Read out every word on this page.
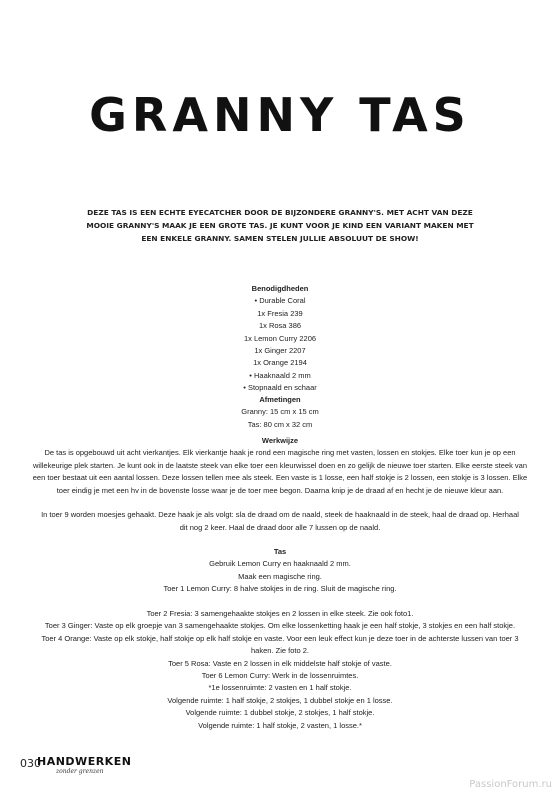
GRANNY TAS
DEZE TAS IS EEN ECHTE EYECATCHER DOOR DE BIJZONDERE GRANNY'S. MET ACHT VAN DEZE MOOIE GRANNY'S MAAK JE EEN GROTE TAS. JE KUNT VOOR JE KIND EEN VARIANT MAKEN MET EEN ENKELE GRANNY. SAMEN STELEN JULLIE ABSOLUUT DE SHOW!
Benodigdheden
• Durable Coral
1x Fresia 239
1x Rosa 386
1x Lemon Curry 2206
1x Ginger 2207
1x Orange 2194
• Haaknaald 2 mm
• Stopnaald en schaar
Afmetingen
Granny: 15 cm x 15 cm
Tas: 80 cm x 32 cm
Werkwijze
De tas is opgebouwd uit acht vierkantjes. Elk vierkantje haak je rond een magische ring met vasten, lossen en stokjes. Elke toer kun je op een willekeurige plek starten. Je kunt ook in de laatste steek van elke toer een kleurwissel doen en zo gelijk de nieuwe toer starten. Elke eerste steek van een toer bestaat uit een aantal lossen. Deze lossen tellen mee als steek. Een vaste is 1 losse, een half stokje is 2 lossen, een stokje is 3 lossen. Elke toer eindig je met een hv in de bovenste losse waar je de toer mee begon. Daarna knip je de draad af en hecht je de nieuwe kleur aan.
In toer 9 worden moesjes gehaakt. Deze haak je als volgt: sla de draad om de naald, steek de haaknaald in de steek, haal de draad op. Herhaal dit nog 2 keer. Haal de draad door alle 7 lussen op de naald.
Tas
Gebruik Lemon Curry en haaknaald 2 mm.
Maak een magische ring.
Toer 1 Lemon Curry: 8 halve stokjes in de ring. Sluit de magische ring.
Toer 2 Fresia: 3 samengehaakte stokjes en 2 lossen in elke steek. Zie ook foto1.
Toer 3 Ginger: Vaste op elk groepje van 3 samengehaakte stokjes. Om elke lossenketting haak je een half stokje, 3 stokjes en een half stokje.
Toer 4 Orange: Vaste op elk stokje, half stokje op elk half stokje en vaste. Voor een leuk effect kun je deze toer in de achterste lussen van toer 3 haken. Zie foto 2.
Toer 5 Rosa: Vaste en 2 lossen in elk middelste half stokje of vaste.
Toer 6 Lemon Curry: Werk in de lossenruimtes.
*1e lossenruimte: 2 vasten en 1 half stokje.
Volgende ruimte: 1 half stokje, 2 stokjes, 1 dubbel stokje en 1 losse.
Volgende ruimte: 1 dubbel stokje, 2 stokjes, 1 half stokje.
Volgende ruimte: 1 half stokje, 2 vasten, 1 losse.*
030
HANDWERKEN
zonder grenzen
PassionForum.ru
